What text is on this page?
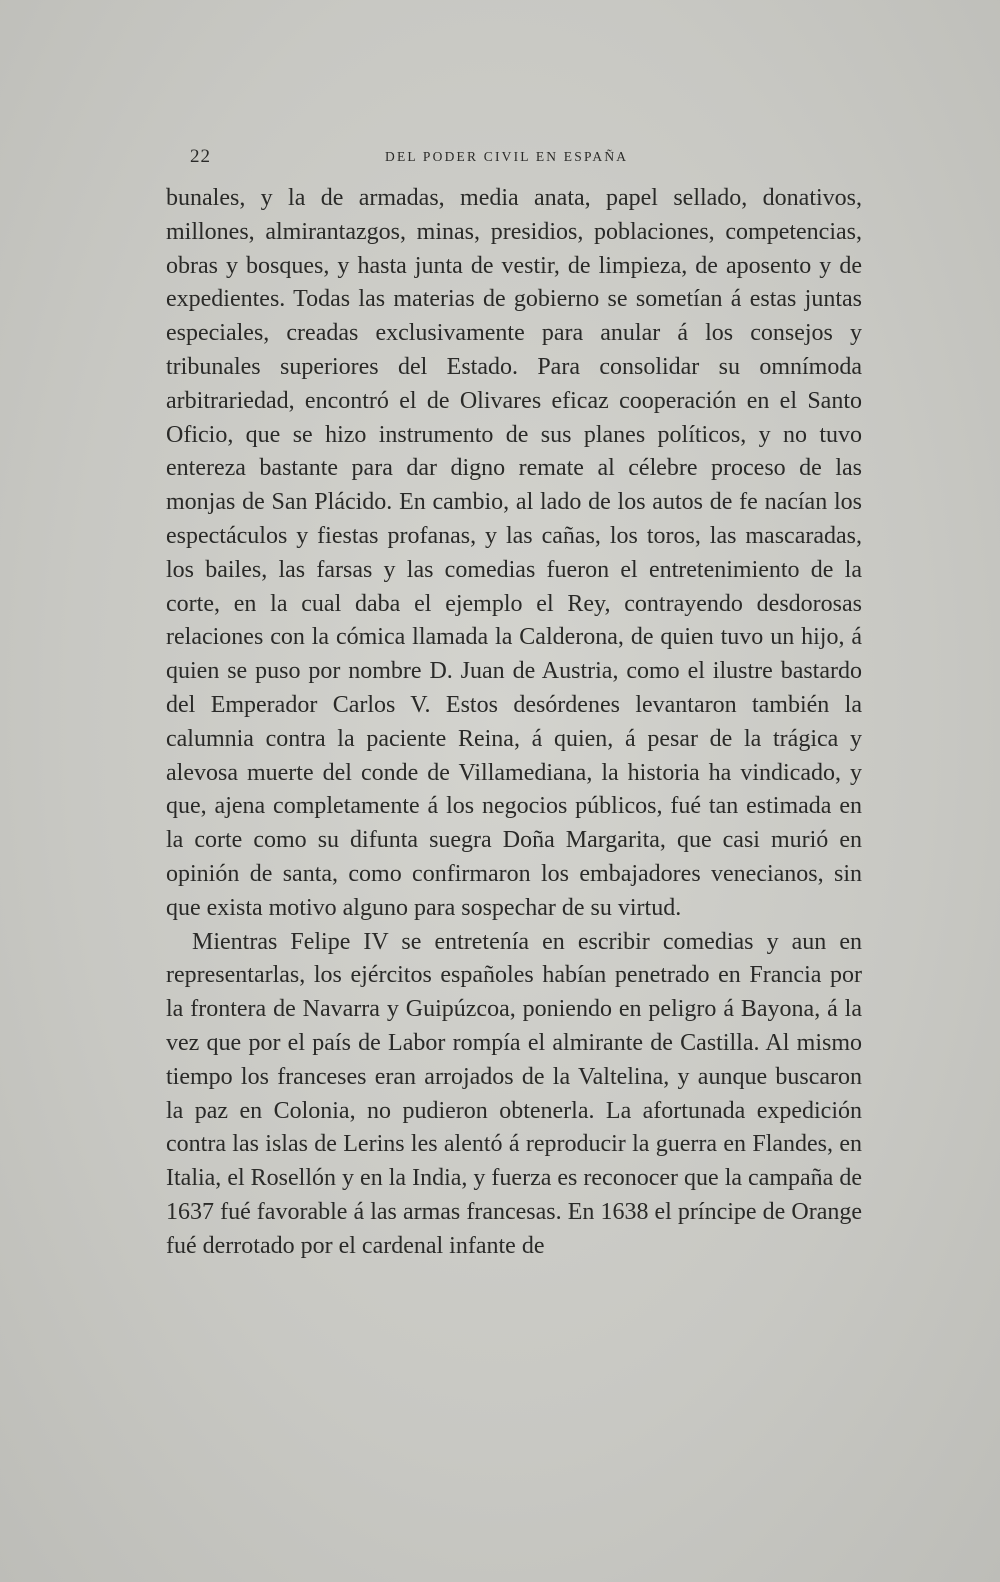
22	DEL PODER CIVIL EN ESPAÑA

bunales, y la de armadas, media anata, papel sellado, donativos, millones, almirantazgos, minas, presidios, poblaciones, competencias, obras y bosques, y hasta junta de vestir, de limpieza, de aposento y de expedientes. Todas las materias de gobierno se sometían á estas juntas especiales, creadas exclusivamente para anular á los consejos y tribunales superiores del Estado. Para consolidar su omnímoda arbitrariedad, encontró el de Olivares eficaz cooperación en el Santo Oficio, que se hizo instrumento de sus planes políticos, y no tuvo entereza bastante para dar digno remate al célebre proceso de las monjas de San Plácido. En cambio, al lado de los autos de fe nacían los espectáculos y fiestas profanas, y las cañas, los toros, las mascaradas, los bailes, las farsas y las comedias fueron el entretenimiento de la corte, en la cual daba el ejemplo el Rey, contrayendo desdorosas relaciones con la cómica llamada la Calderona, de quien tuvo un hijo, á quien se puso por nombre D. Juan de Austria, como el ilustre bastardo del Emperador Carlos V. Estos desórdenes levantaron también la calumnia contra la paciente Reina, á quien, á pesar de la trágica y alevosa muerte del conde de Villamediana, la historia ha vindicado, y que, ajena completamente á los negocios públicos, fué tan estimada en la corte como su difunta suegra Doña Margarita, que casi murió en opinión de santa, como confirmaron los embajadores venecianos, sin que exista motivo alguno para sospechar de su virtud.

Mientras Felipe IV se entretenía en escribir comedias y aun en representarlas, los ejércitos españoles habían penetrado en Francia por la frontera de Navarra y Guipúzcoa, poniendo en peligro á Bayona, á la vez que por el país de Labor rompía el almirante de Castilla. Al mismo tiempo los franceses eran arrojados de la Valtelina, y aunque buscaron la paz en Colonia, no pudieron obtenerla. La afortunada expedición contra las islas de Lerins les alentó á reproducir la guerra en Flandes, en Italia, el Rosellón y en la India, y fuerza es reconocer que la campaña de 1637 fué favorable á las armas francesas. En 1638 el príncipe de Orange fué derrotado por el cardenal infante de
